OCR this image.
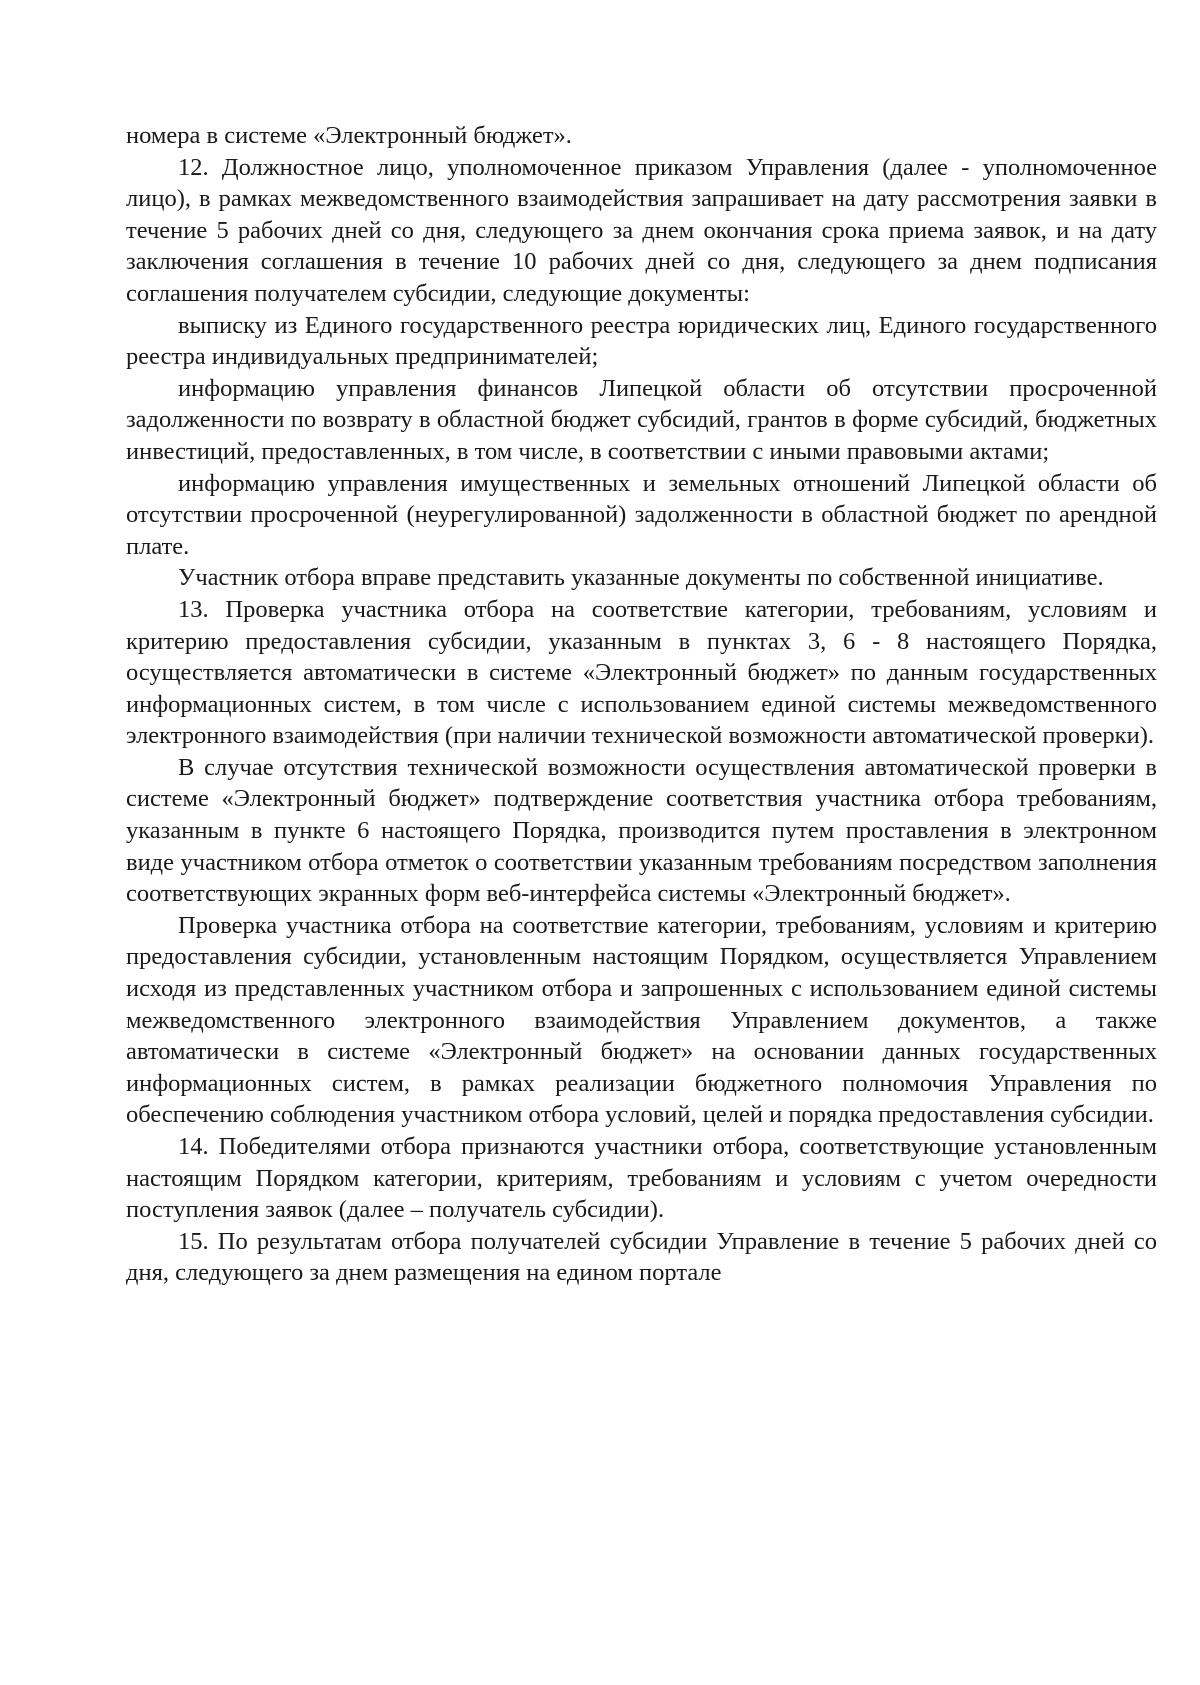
номера в системе «Электронный бюджет».

12. Должностное лицо, уполномоченное приказом Управления (далее - уполномоченное лицо), в рамках межведомственного взаимодействия запрашивает на дату рассмотрения заявки в течение 5 рабочих дней со дня, следующего за днем окончания срока приема заявок, и на дату заключения соглашения в течение 10 рабочих дней со дня, следующего за днем подписания соглашения получателем субсидии, следующие документы:

выписку из Единого государственного реестра юридических лиц, Единого государственного реестра индивидуальных предпринимателей;

информацию управления финансов Липецкой области об отсутствии просроченной задолженности по возврату в областной бюджет субсидий, грантов в форме субсидий, бюджетных инвестиций, предоставленных, в том числе, в соответствии с иными правовыми актами;

информацию управления имущественных и земельных отношений Липецкой области об отсутствии просроченной (неурегулированной) задолженности в областной бюджет по арендной плате.

Участник отбора вправе представить указанные документы по собственной инициативе.

13. Проверка участника отбора на соответствие категории, требованиям, условиям и критерию предоставления субсидии, указанным в пунктах 3, 6 - 8 настоящего Порядка, осуществляется автоматически в системе «Электронный бюджет» по данным государственных информационных систем, в том числе с использованием единой системы межведомственного электронного взаимодействия (при наличии технической возможности автоматической проверки).

В случае отсутствия технической возможности осуществления автоматической проверки в системе «Электронный бюджет» подтверждение соответствия участника отбора требованиям, указанным в пункте 6 настоящего Порядка, производится путем проставления в электронном виде участником отбора отметок о соответствии указанным требованиям посредством заполнения соответствующих экранных форм веб-интерфейса системы «Электронный бюджет».

Проверка участника отбора на соответствие категории, требованиям, условиям и критерию предоставления субсидии, установленным настоящим Порядком, осуществляется Управлением исходя из представленных участником отбора и запрошенных с использованием единой системы межведомственного электронного взаимодействия Управлением документов, а также автоматически в системе «Электронный бюджет» на основании данных государственных информационных систем, в рамках реализации бюджетного полномочия Управления по обеспечению соблюдения участником отбора условий, целей и порядка предоставления субсидии.

14. Победителями отбора признаются участники отбора, соответствующие установленным настоящим Порядком категории, критериям, требованиям и условиям с учетом очередности поступления заявок (далее – получатель субсидии).

15. По результатам отбора получателей субсидии Управление в течение 5 рабочих дней со дня, следующего за днем размещения на едином портале
